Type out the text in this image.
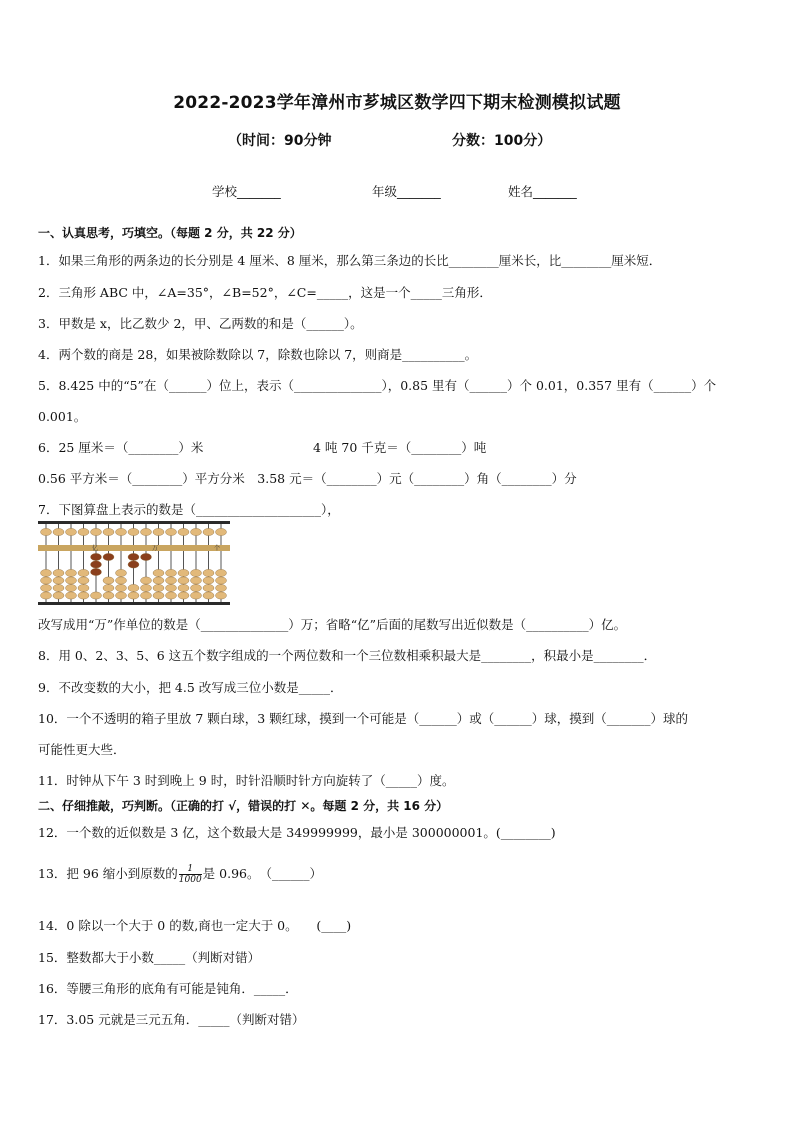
2022-2023学年漳州市芗城区数学四下期末检测模拟试题
（时间：90分钟	分数：100分）
学校_______	年级_______	姓名_______
一、认真思考，巧填空。（每题 2 分，共 22 分）
1．如果三角形的两条边的长分别是 4 厘米、8 厘米，那么第三条边的长比________厘米长，比________厘米短．
2．三角形 ABC 中，∠A=35°，∠B=52°，∠C=_____，这是一个_____三角形．
3．甲数是 x，比乙数少 2，甲、乙两数的和是（______）。
4．两个数的商是 28，如果被除数除以 7，除数也除以 7，则商是__________。
5．8.425 中的“5”在（______）位上，表示（______________），0.85 里有（______）个 0.01，0.357 里有（______）个
0.001。
6．25 厘米＝（________）米	4 吨 70 千克＝（________）吨
0.56 平方米＝（________）平方分米　3.58 元＝（________）元（________）角（________）分
7．下图算盘上表示的数是（____________________），
亿	万	个
改写成用“万”作单位的数是（______________）万；省略“亿”后面的尾数写出近似数是（__________）亿。
8．用 0、2、3、5、6 这五个数字组成的一个两位数和一个三位数相乘积最大是________，积最小是________．
9．不改变数的大小，把 4.5 改写成三位小数是_____．
10．一个不透明的箱子里放 7 颗白球，3 颗红球，摸到一个可能是（______）或（______）球，摸到（_______）球的
可能性更大些．
11．时钟从下午 3 时到晚上 9 时，时针沿顺时针方向旋转了（_____）度。
二、仔细推敲，巧判断。（正确的打 √，错误的打 ✕。每题 2 分，共 16 分）
12．一个数的近似数是 3 亿，这个数最大是 349999999，最小是 300000001。(________)
13．把 96 缩小到原数的 $\frac{1}{1000}$ 是 0.96。　（______）
14．0 除以一个大于 0 的数,商也一定大于 0。　　(____)
15．整数都大于小数_____（判断对错）
16．等腰三角形的底角有可能是钝角．_____．
17．3.05 元就是三元五角．_____（判断对错）
